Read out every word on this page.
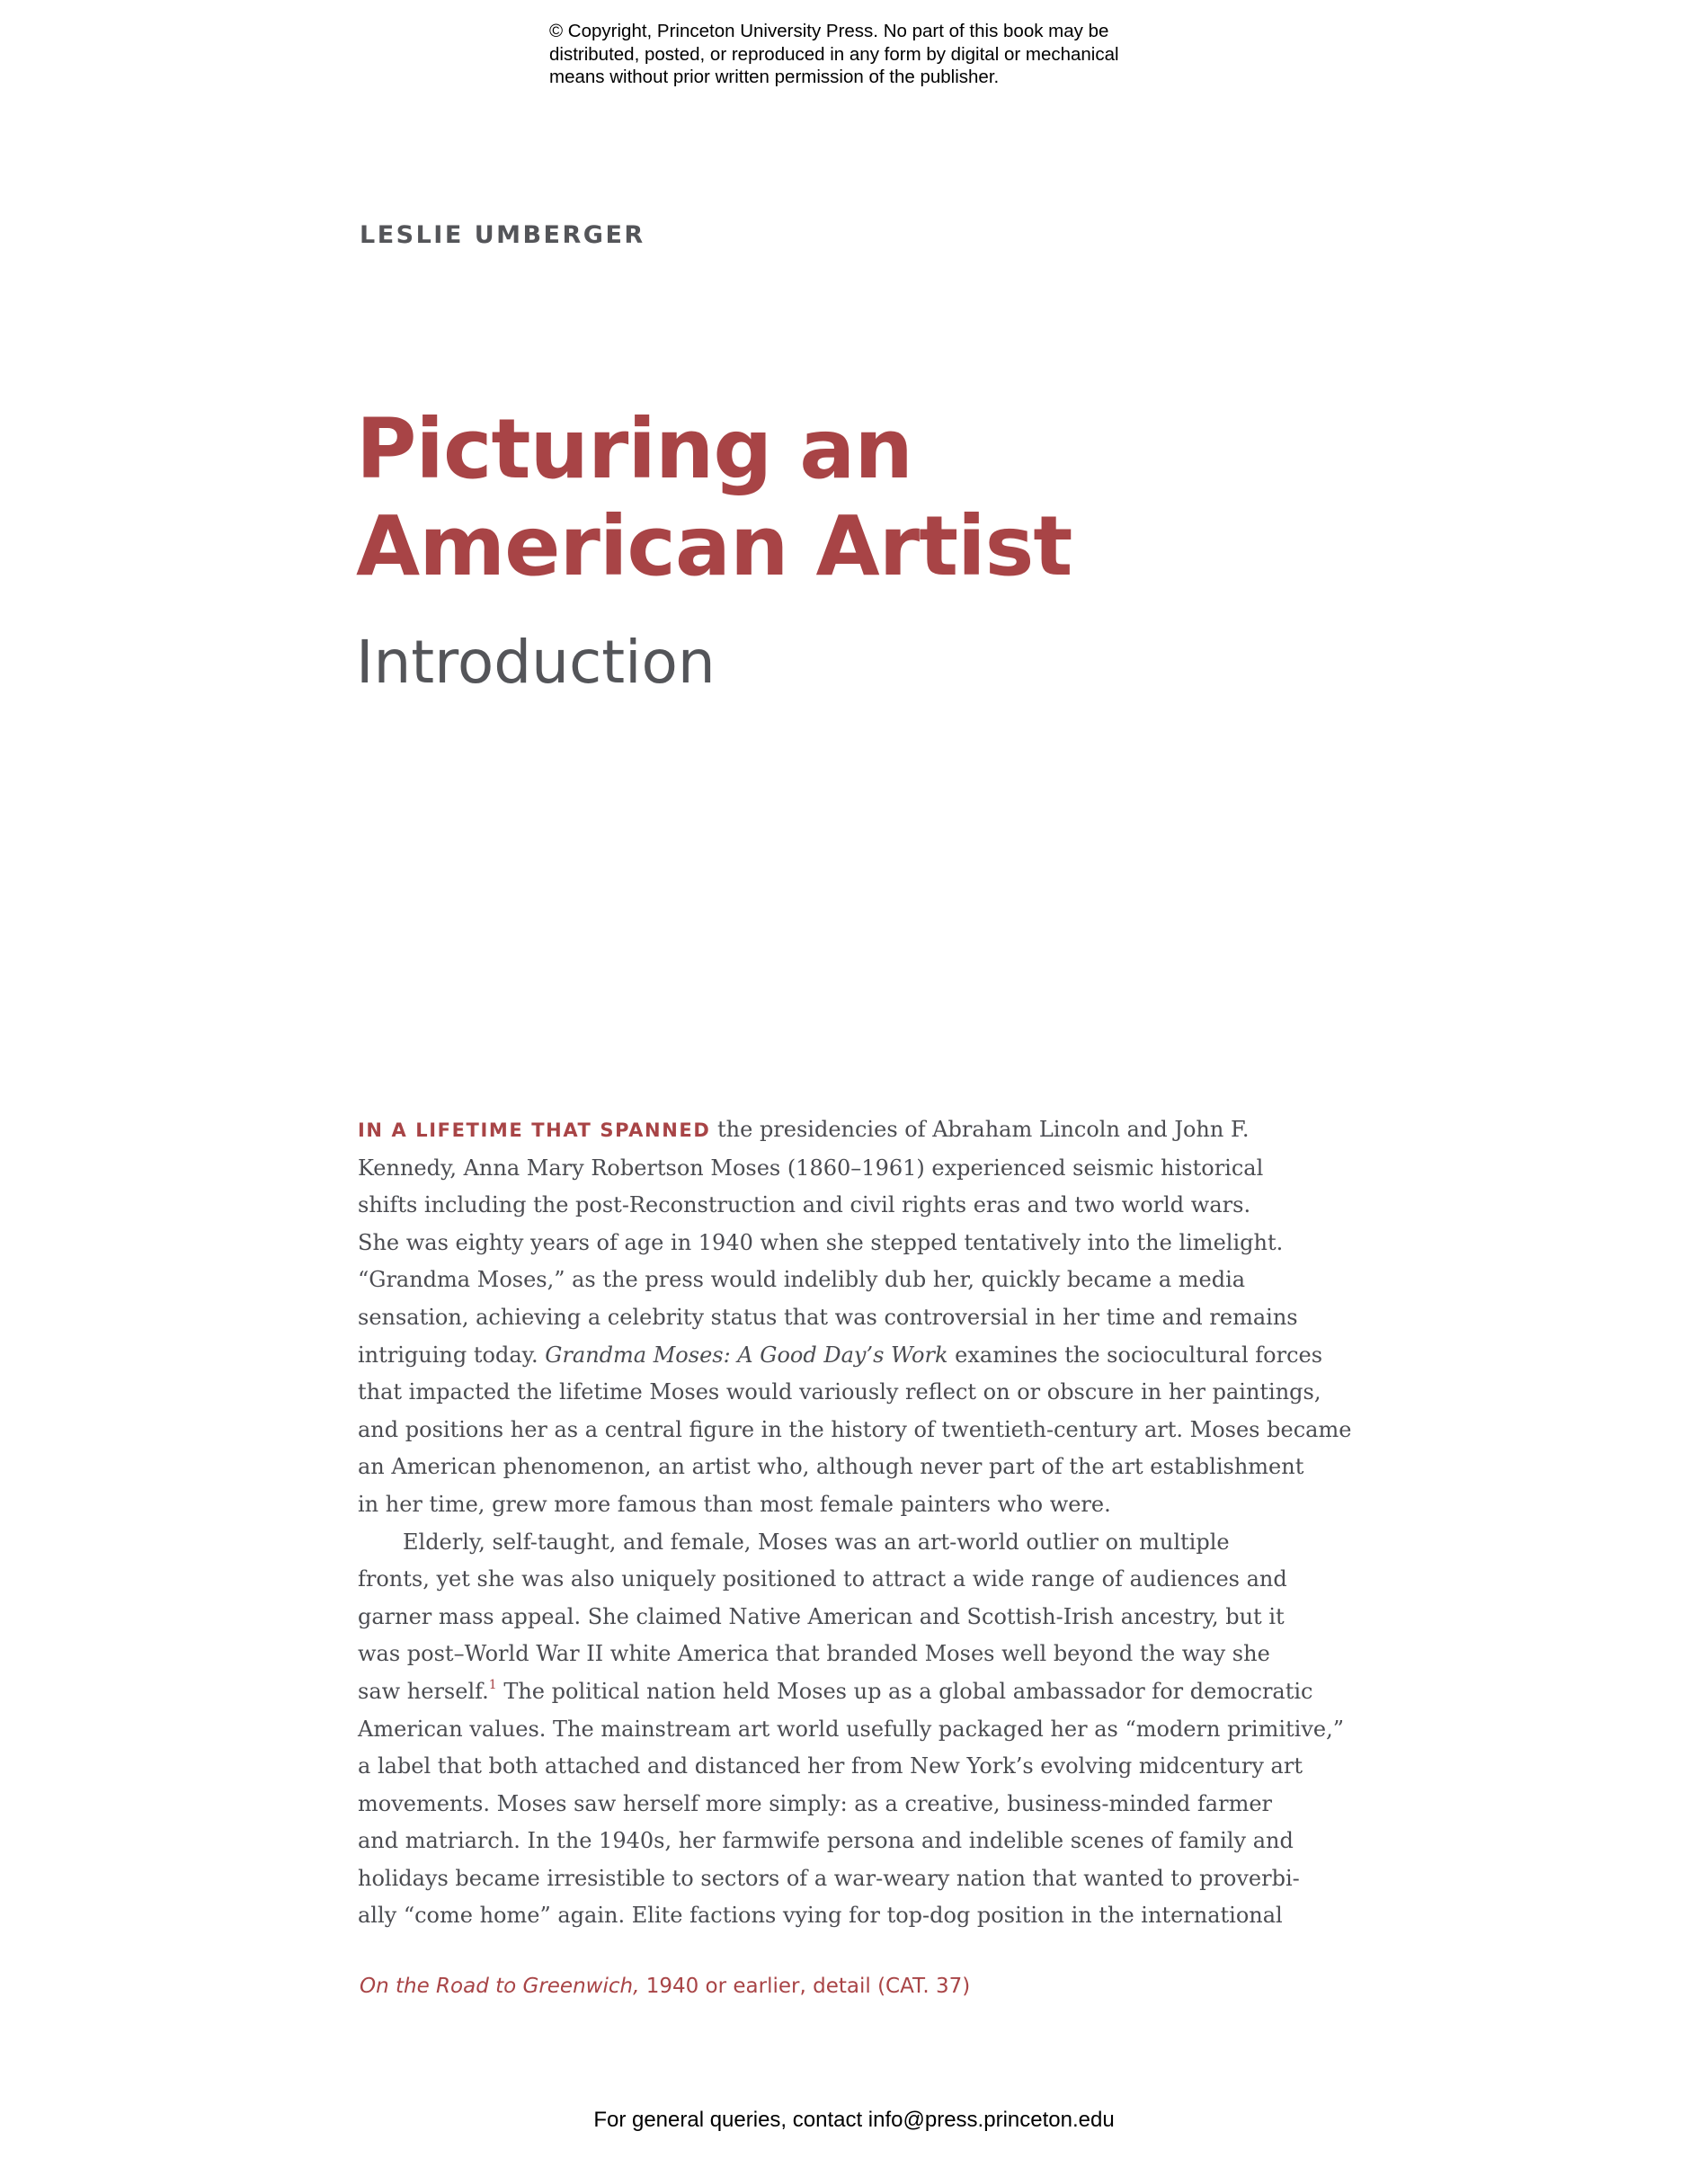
© Copyright, Princeton University Press. No part of this book may be
distributed, posted, or reproduced in any form by digital or mechanical
means without prior written permission of the publisher.
LESLIE UMBERGER
Picturing an
American Artist
Introduction
IN A LIFETIME THAT SPANNED the presidencies of Abraham Lincoln and John F.
Kennedy, Anna Mary Robertson Moses (1860–1961) experienced seismic historical
shifts including the post-Reconstruction and civil rights eras and two world wars.
She was eighty years of age in 1940 when she stepped tentatively into the limelight.
“Grandma Moses,” as the press would indelibly dub her, quickly became a media
sensation, achieving a celebrity status that was controversial in her time and remains
intriguing today. Grandma Moses: A Good Day’s Work examines the sociocultural forces
that impacted the lifetime Moses would variously reflect on or obscure in her paintings,
and positions her as a central figure in the history of twentieth-century art. Moses became
an American phenomenon, an artist who, although never part of the art establishment
in her time, grew more famous than most female painters who were.
Elderly, self-taught, and female, Moses was an art-world outlier on multiple
fronts, yet she was also uniquely positioned to attract a wide range of audiences and
garner mass appeal. She claimed Native American and Scottish-Irish ancestry, but it
was post–World War II white America that branded Moses well beyond the way she
saw herself.$^1$ The political nation held Moses up as a global ambassador for democratic
American values. The mainstream art world usefully packaged her as “modern primitive,”
a label that both attached and distanced her from New York’s evolving midcentury art
movements. Moses saw herself more simply: as a creative, business-minded farmer
and matriarch. In the 1940s, her farmwife persona and indelible scenes of family and
holidays became irresistible to sectors of a war-weary nation that wanted to proverbi-
ally “come home” again. Elite factions vying for top-dog position in the international
On the Road to Greenwich, 1940 or earlier, detail (CAT. 37)
For general queries, contact info@press.princeton.edu
